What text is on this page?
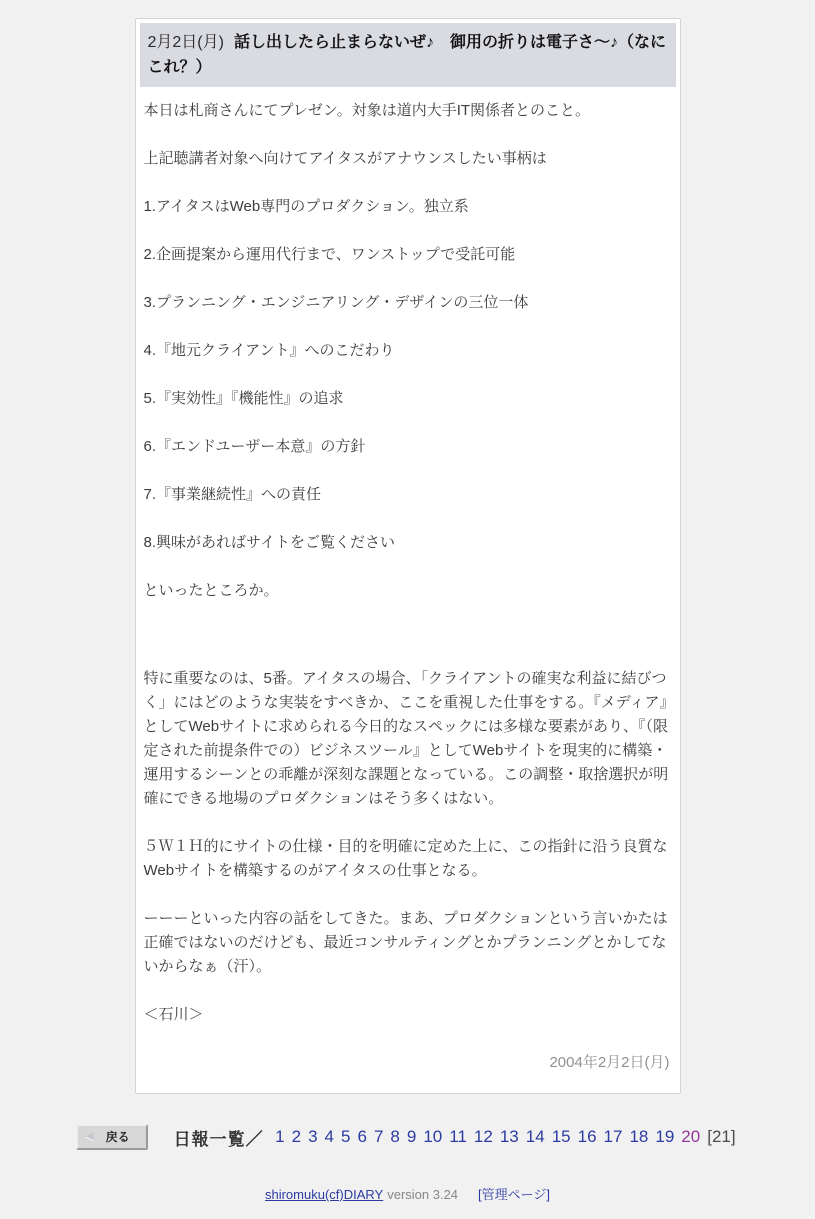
2月2日(月) 話し出したら止まらないぜ♪　御用の折りは電子さ〜♪（なにこれ？）

本日は札商さんにてプレゼン。対象は道内大手IT関係者とのこと。

上記聴講者対象へ向けてアイタスがアナウンスしたい事柄は

1.アイタスはWeb専門のプロダクション。独立系

2.企画提案から運用代行まで、ワンストップで受託可能

3.プランニング・エンジニアリング・デザインの三位一体

4.『地元クライアント』へのこだわり

5.『実効性』『機能性』の追求

6.『エンドユーザー本意』の方針

7.『事業継続性』への責任

8.興味があればサイトをご覧ください

といったところか。

特に重要なのは、5番。アイタスの場合、「クライアントの確実な利益に結びつく」にはどのような実装をすべきか、ここを重視した仕事をする。『メディア』としてWebサイトに求められる今日的なスペックには多様な要素があり、『（限定された前提条件での）ビジネスツール』としてWebサイトを現実的に構築・運用するシーンとの乖離が深刻な課題となっている。この調整・取捨選択が明確にできる地場のプロダクションはそう多くはない。

５Ｗ１Ｈ的にサイトの仕様・目的を明確に定めた上に、この指針に沿う良質なWebサイトを構築するのがアイタスの仕事となる。

ーーーといった内容の話をしてきた。まあ、プロダクションという言いかたは正確ではないのだけども、最近コンサルティングとかプランニングとかしてないからなぁ（汗）。

＜石川＞

2004年2月2日(月)
◀ 戻る	日報一覧／ 1 2 3 4 5 6 7 8 9 10 11 12 13 14 15 16 17 18 19 20 [21]
shiromuku(cf)DIARY version 3.24 [管理ページ]
